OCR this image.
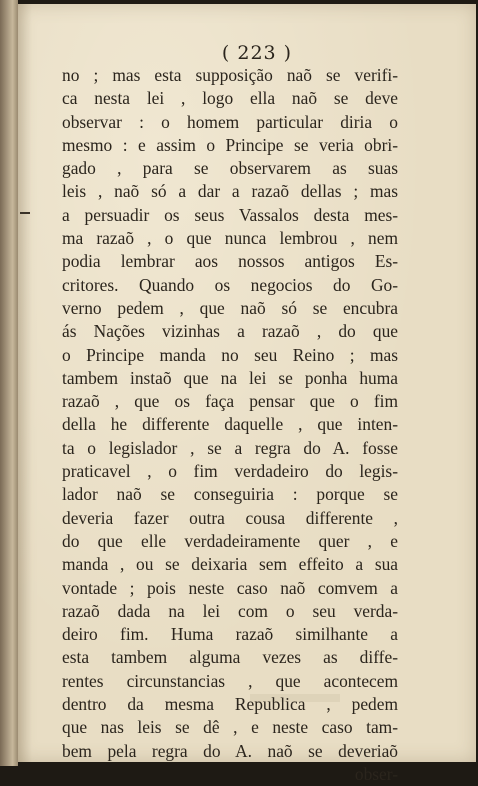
( 223 )
no ; mas esta supposição naõ se verifi-
ca nesta lei , logo ella naõ se deve
observar : o homem particular diria o
mesmo : e assim o Principe se veria obri-
gado , para se observarem as suas
leis , naõ só a dar a razaõ dellas ; mas
a persuadir os seus Vassalos desta mes-
ma razaõ , o que nunca lembrou , nem
podia lembrar aos nossos antigos Es-
critores. Quando os negocios do Go-
verno pedem , que naõ só se encubra
ás Nações vizinhas a razaõ , do que
o Principe manda no seu Reino ; mas
tambem instaõ que na lei se ponha huma
razaõ , que os faça pensar que o fim
della he differente daquelle , que inten-
ta o legislador , se a regra do A. fosse
praticavel , o fim verdadeiro do legis-
lador naõ se conseguiria : porque se
deveria fazer outra cousa differente ,
do que elle verdadeiramente quer , e
manda , ou se deixaria sem effeito a sua
vontade ; pois neste caso naõ comvem a
razaõ dada na lei com o seu verda-
deiro fim. Huma razaõ similhante a
esta tambem alguma vezes as diffe-
rentes circunstancias , que acontecem
dentro da mesma Republica , pedem
que nas leis se dê , e neste caso tam-
bem pela regra do A. naõ se deveriaõ
obser-
